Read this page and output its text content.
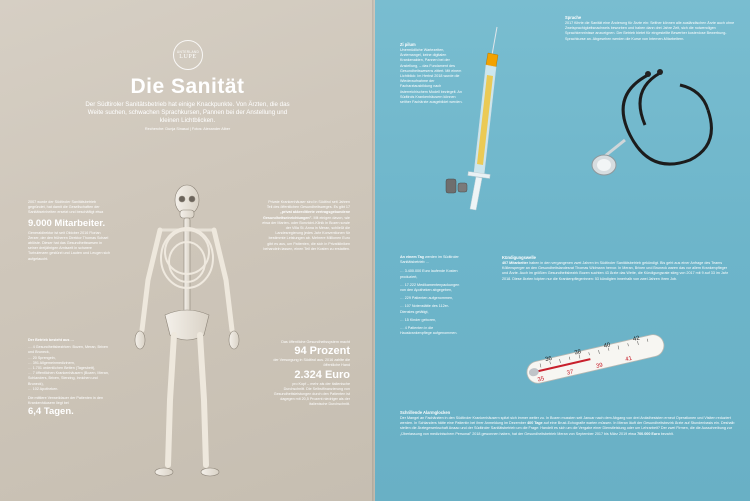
UNTERLAND
LUPE
Die Sanität
Der Südtiroler Sanitätsbetrieb hat einige Knackpunkte. Von Ärzten, die das Weite suchen, schwachen Sprachkursen, Pannen bei der Anstellung und kleinen Lichtblicken.
Recherche: Dunja Sinasui | Fotos: Alexander Alber
2007 wurde der Südtiroler Sanitätsbetrieb gegründet, hat damit die Gesellschaften der Sanitätseinheiten ersetzt und beschäftigt etwa
9.000 Mitarbeiter.
Generaldirektor ist seit Oktober 2016 Florian Zerzer, der den früheren Direktor Thomas Schael ablöste. Dieser hat das Gesundheitswesen in seiner dreijährigen Amtszeit in schwere Turbulenzen gestürzt und Lauten und Leugen sich aufgetaucht.
Private Krankenhäuser sind in Südtirol seit Jahren Teil des öffentlichen Gesundheitsweges. Es gibt 17 „privat akkreditierte vertragsgebundene Gesundheitseinrichtungen". Mit einigen davon, wie etwa der Marien- oder Bonvicini-Klinik in Bozen sowie der Villa St. Anna in Meran, schließt die Landesregierung jedes Jahr Konventionen für bestimmte Leistungen ab. Mehrere Millionen Euro gibt es aus, um Patienten, die sich in Privatkliniken behandeln lassen, einen Teil der Kosten zu erstatten.
Der Betrieb besteht aus …
… 4 Gesundheitsbezirken: Bozen, Meran, Brixen und Bruneck,
… 20 Sprengeln,
… 391 Allgemeinmedizinern,
… 1.701 ordentlichen Betten (Tagesbett),
… 7 öffentlichen Krankenhäusern (Bozen, Meran, Schlanders, Brixen, Sterzing, Innichen und Bruneck),
… 102 Apotheken.
Die mittlere Verweildauer der Patienten in den Krankenhäusern liegt bei
6,4 Tagen.
Das öffentliche Gesundheitssystem macht
94 Prozent
der Versorgung in Südtirol aus. 2016 zahlte die öffentliche Hand
2.324 Euro
pro Kopf – mehr als der italienische Durchschnitt. Die Selbstfinanzierung von Gesundheitsleistungen durch den Patienten ist dagegen mit 20,5 Prozent niedriger als der italienische Durchschnitt.
Zi pilum
Unermüdliche Wartezeiten, Ärztemangel, keine digitalen Krankenakten, Pannen bei der Anstellung, – das Fundament des Gesundheitswesens zittert. Mit einem Lichtblick: Im Herbst 2018 wurde die Wiederaufnahme der Facharztausbildung nach österreichischem Modell beziegelt. An Südtirols Krankenhäusern können seither Fachärzte ausgebildet werden.
Sprache
2017 führte die Sanität eine Änderung für Ärzte ein: Seither können alle ausländischen Ärzte auch ohne Zweisprachigkeitsnachweis beworben und haben dann drei Jahre Zeit, sich die notwendigen Sprachkenntnisse anzueignen. Der Betrieb bietet für eingestellte Bewerber kostenlose Bewerbung-Sprachkurse an. Abgesehen werden die Kurse von Internen-Mitarbeitern.
An einem Tag werden im Südtiroler Sanitätsbetrieb …
… 3.400.000 Euro laufende Kosten produziert,
… 17.222 Medikamentenpackungen von den Apotheken abgegeben,
… 229 Patienten aufgenommen,
… 107 Notenstätte des 112er-Dienstes getätigt,
… 15 Kinder geboren,
… 4 Patienten in die Hauskrankenpflege aufgenommen.
Kündigungswelle
407 Mitarbeiter haben in den vergangenen zwei Jahren im Südtiroler Sanitätsbetrieb gekündigt. Bis geht aus einer Anfrage des Teams Köllensperger an den Gesundheitslandesrat Thomas Widmann hervor. In Meran, Brixen und Bruneck waren das vor allem Krankenpfleger und Ärzte. Auch im größten Gesundheitsbezirk Bozen suchten 43 Ärzte das Weite, die Kündigungsrate stieg von 2017 mit 9 auf 33 im Jahr 2018. Diese Ärzten tolpten nur die Krankenpflegerinnen: 53 kündigten innerhalb von zwei Jahren ihren Job.
Schrillende Alarmglocken
Der Mangel an Fachärzten in den Südtiroler Krankenhäusern spitzt sich immer weiter zu. In Bozen mussten seit Januar nach dem Abgang von drei Anästhesisten erneut Operationen und Visiten reduziert werden. In Schlanders hätte eine Patientin bei ihrer Anmeldung im Dezember 400 Tage auf eine Brust-Echografie warten müssen. In Meran läuft der Gesundheitsbezirk Ärzte auf Stundenbasis ein. Deshalb stellen die Ärztegewerkschaft Anaao und der Südtiroler Sanitätsbetrieb um die Frage: Handelt es sich um die Vergabe einer Dienstleistung oder um Lehrarbeit? Der zwei Firmen, die die Ausschreibung zur „Überlassung von medizinischem Personal" 2018 gewonnen haben, hat der Gesundheitsbetrieb Meran von September 2017 bis März 2019 etwa 700.000 Euro bezahlt.
36
38
40
42
35
37
39
41
